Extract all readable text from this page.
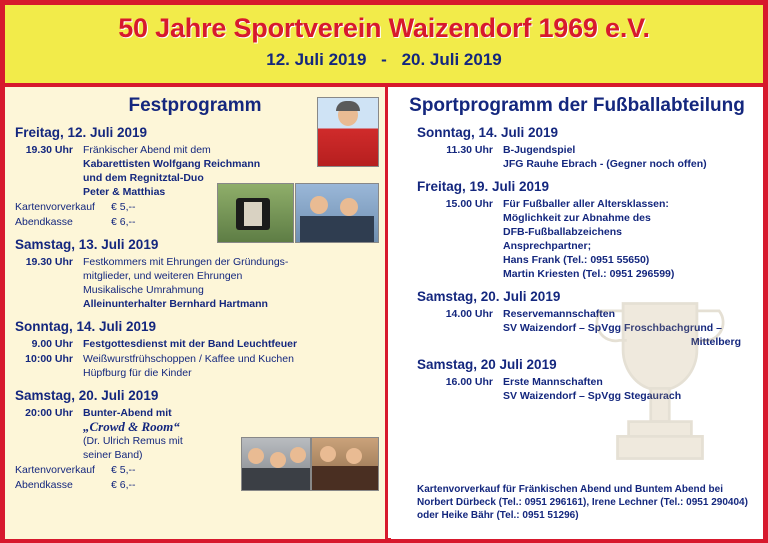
50 Jahre Sportverein Waizendorf 1969 e.V.
12. Juli 2019 - 20. Juli 2019
Festprogramm
Freitag, 12. Juli 2019
19.30 Uhr Fränkischer Abend mit dem
Kabarettisten Wolfgang Reichmann
und dem Regnitztal-Duo
Peter & Matthias
Kartenvorverkauf	€ 5,--
Abendkasse	€ 6,--
Samstag, 13. Juli 2019
19.30 Uhr Festkommers mit Ehrungen der Gründungs-
mitglieder, und weiteren Ehrungen
Musikalische Umrahmung
Alleinunterhalter Bernhard Hartmann
Sonntag, 14. Juli 2019
9.00 Uhr Festgottesdienst mit der Band Leuchtfeuer
10:00 Uhr Weißwurstfrühschoppen / Kaffee und Kuchen
Hüpfburg für die Kinder
Samstag, 20. Juli 2019
20:00 Uhr Bunter-Abend mit
„Crowd & Room“
(Dr. Ulrich Remus mit
seiner Band)
Kartenvorverkauf	€ 5,--
Abendkasse	€ 6,--
Sportprogramm der Fußballabteilung
Sonntag, 14. Juli 2019
11.30 Uhr B-Jugendspiel
JFG Rauhe Ebrach - (Gegner noch offen)
Freitag, 19. Juli 2019
15.00 Uhr Für Fußballer aller Altersklassen:
Möglichkeit zur Abnahme des
DFB-Fußballabzeichens
Ansprechpartner;
Hans Frank (Tel.: 0951 55650)
Martin Kriesten (Tel.: 0951 296599)
Samstag, 20. Juli 2019
14.00 Uhr Reservemannschaften
SV Waizendorf – SpVgg Froschbachgrund –
Mittelberg
Samstag, 20 Juli 2019
16.00 Uhr Erste Mannschaften
SV Waizendorf – SpVgg Stegaurach
Kartenvorverkauf für Fränkischen Abend und Buntem Abend bei Norbert Dürbeck (Tel.: 0951 296161), Irene Lechner (Tel.: 0951 290404) oder Heike Bähr (Tel.: 0951 51296)
